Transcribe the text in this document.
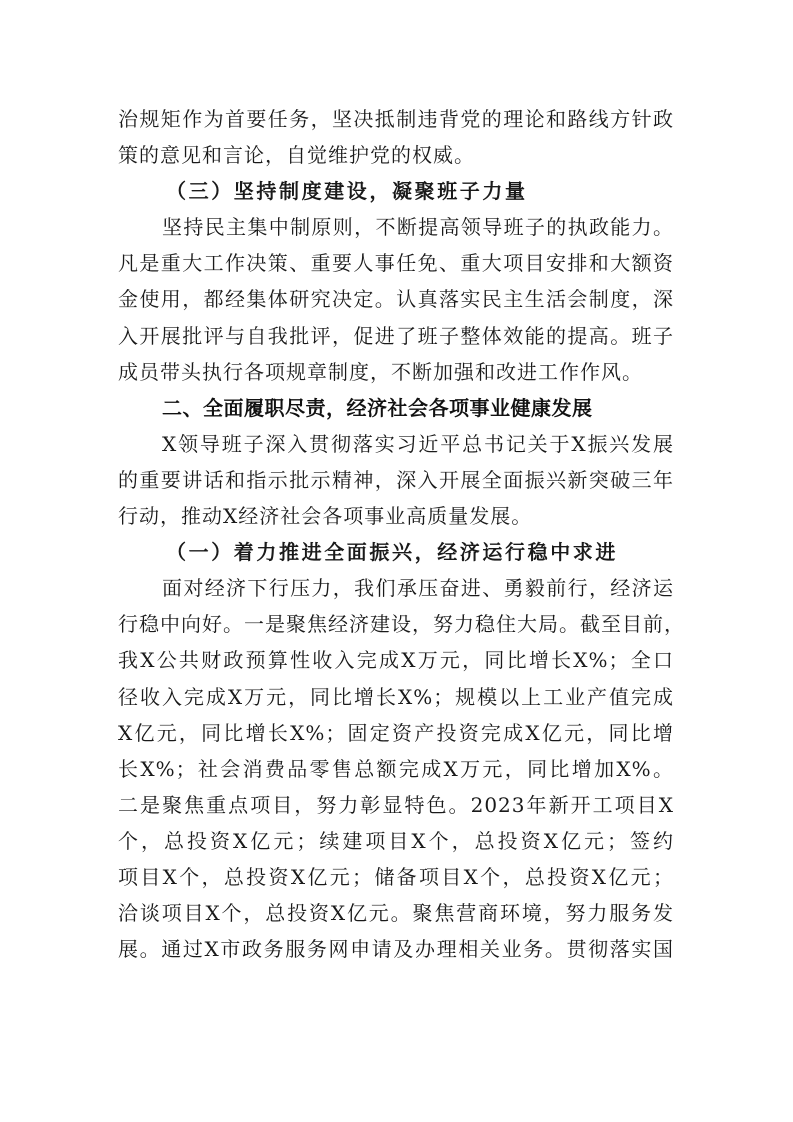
治规矩作为首要任务，坚决抵制违背党的理论和路线方针政
策的意见和言论，自觉维护党的权威。
（三）坚持制度建设，凝聚班子力量
坚持民主集中制原则，不断提高领导班子的执政能力。
凡是重大工作决策、重要人事任免、重大项目安排和大额资
金使用，都经集体研究决定。认真落实民主生活会制度，深
入开展批评与自我批评，促进了班子整体效能的提高。班子
成员带头执行各项规章制度，不断加强和改进工作作风。
二、全面履职尽责，经济社会各项事业健康发展
X领导班子深入贯彻落实习近平总书记关于X振兴发展
的重要讲话和指示批示精神，深入开展全面振兴新突破三年
行动，推动X经济社会各项事业高质量发展。
（一）着力推进全面振兴，经济运行稳中求进
面对经济下行压力，我们承压奋进、勇毅前行，经济运
行稳中向好。一是聚焦经济建设，努力稳住大局。截至目前，
我X公共财政预算性收入完成X万元，同比增长X%；全口
径收入完成X万元，同比增长X%；规模以上工业产值完成
X亿元，同比增长X%；固定资产投资完成X亿元，同比增
长X%；社会消费品零售总额完成X万元，同比增加X%。
二是聚焦重点项目，努力彰显特色。2023年新开工项目X
个，总投资X亿元；续建项目X个，总投资X亿元；签约
项目X个，总投资X亿元；储备项目X个，总投资X亿元；
洽谈项目X个，总投资X亿元。聚焦营商环境，努力服务发
展。通过X市政务服务网申请及办理相关业务。贯彻落实国
